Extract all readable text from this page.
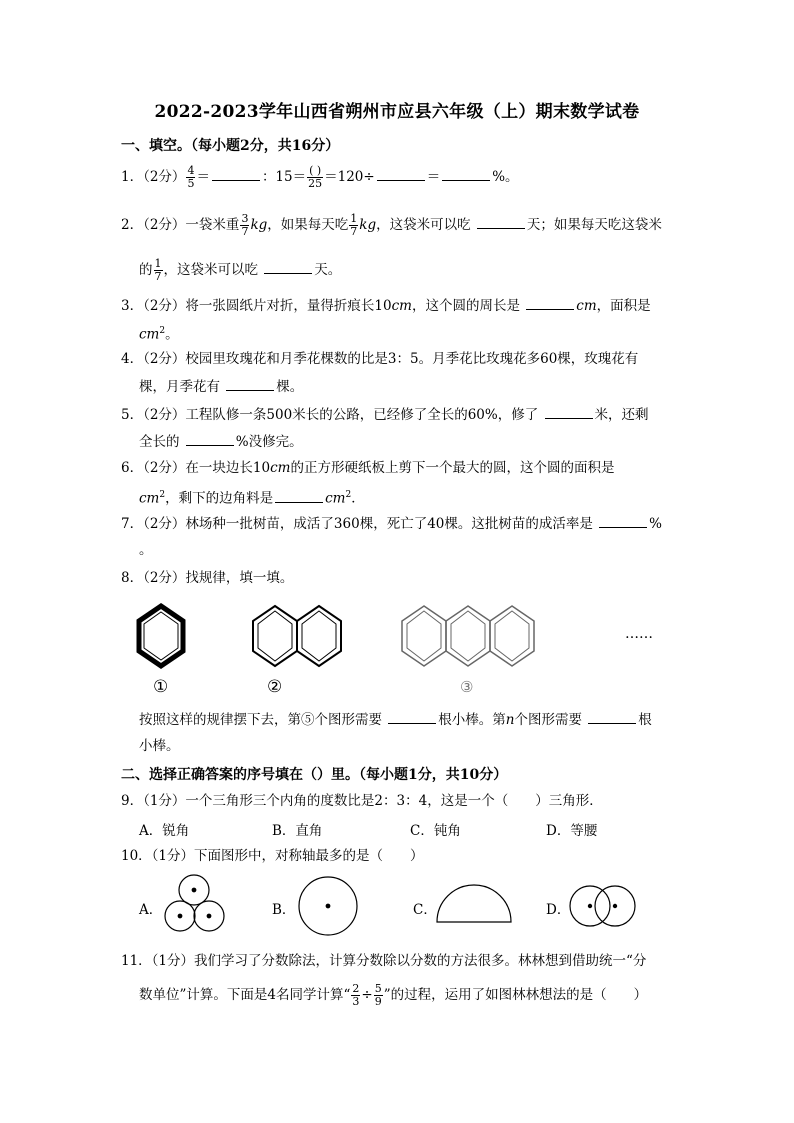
2022-2023学年山西省朔州市应县六年级（上）期末数学试卷
一、填空。（每小题2分，共16分）
1．（2分） $\frac{4}{5}$ ＝	：$15= \frac{( )}{25} =120\div$	＝	%。
2．（2分）一袋米重 $\frac{3}{7}$ kg，如果每天吃 $\frac{1}{7}$ kg，这袋米可以吃	天；如果每天吃这袋米
的 $\frac{1}{7}$ ，这袋米可以吃	天。
3．（2分）将一张圆纸片对折，量得折痕长10cm，这个圆的周长是	cm，面积是
$cm^2$。
4．（2分）校园里玫瑰花和月季花棵数的比是3：5。月季花比玫瑰花多60棵，玫瑰花有
棵，月季花有	棵。
5．（2分）工程队修一条500米长的公路，已经修了全长的60%，修了	米，还剩
全长的	%没修完。
6．（2分）在一块边长10cm的正方形硬纸板上剪下一个最大的圆，这个圆的面积是
$cm^2$，剩下的边角料是	$cm^2$．
7．（2分）林场种一批树苗，成活了360棵，死亡了40棵。这批树苗的成活率是	%
。
8．（2分）找规律，填一填。
……
①	②	③
按照这样的规律摆下去，第⑤个图形需要	根小棒。第n个图形需要	根
小棒。
二、选择正确答案的序号填在（）里。（每小题1分，共10分）
9．（1分）一个三角形三个内角的度数比是2：3：4，这是一个（　　）三角形．
A．锐角	B．直角	C．钝角	D．等腰
10．（1分）下面图形中，对称轴最多的是（　　）
A．	B．	C．	D．
11．（1分）我们学习了分数除法，计算分数除以分数的方法很多。林林想到借助统一“分
数单位”计算。下面是4名同学计算“ $\frac{2}{3} \div \frac{5}{9}$ ”的过程，运用了如图林林想法的是（　　）
